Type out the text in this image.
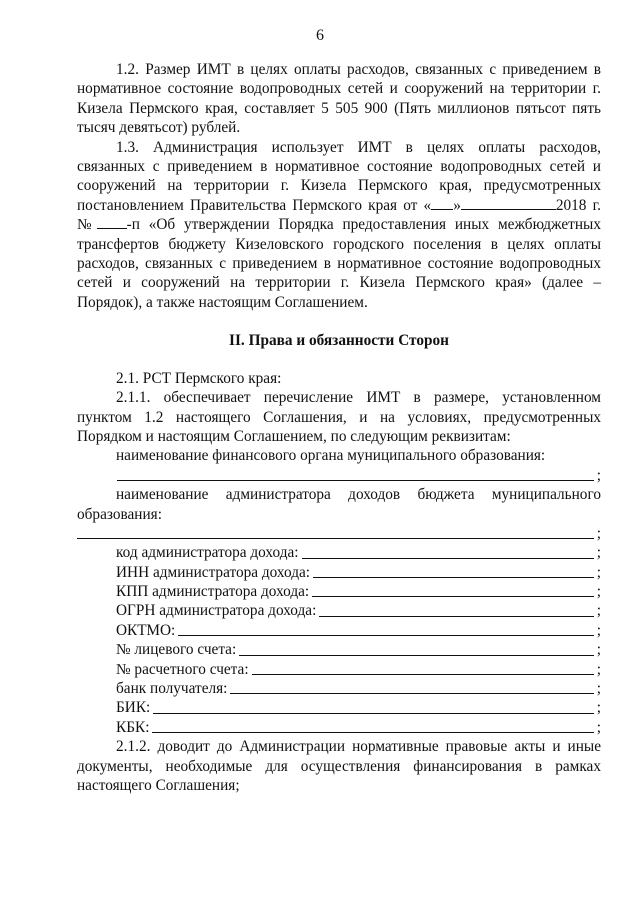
6

1.2. Размер ИМТ в целях оплаты расходов, связанных с приведением в нормативное состояние водопроводных сетей и сооружений на территории г. Кизела Пермского края, составляет 5 505 900 (Пять миллионов пятьсот пять тысяч девятьсот) рублей.

1.3. Администрация использует ИМТ в целях оплаты расходов, связанных с приведением в нормативное состояние водопроводных сетей и сооружений на территории г. Кизела Пермского края, предусмотренных постановлением Правительства Пермского края от « »	2018 г. № -п «Об утверждении Порядка предоставления иных межбюджетных трансфертов бюджету Кизеловского городского поселения в целях оплаты расходов, связанных с приведением в нормативное состояние водопроводных сетей и сооружений на территории г. Кизела Пермского края» (далее – Порядок), а также настоящим Соглашением.

II. Права и обязанности Сторон

2.1. РСТ Пермского края:

2.1.1. обеспечивает перечисление ИМТ в размере, установленном пунктом 1.2 настоящего Соглашения, и на условиях, предусмотренных Порядком и настоящим Соглашением, по следующим реквизитам:

наименование финансового органа муниципального образования:

;

наименование администратора доходов бюджета муниципального образования:

;
код администратора дохода:	;
ИНН администратора дохода:	;
КПП администратора дохода:	;
ОГРН администратора дохода:	;
ОКТМО:	;
№ лицевого счета:	;
№ расчетного счета:	;
банк получателя:	;
БИК:	;
КБК:	;

2.1.2. доводит до Администрации нормативные правовые акты и иные документы, необходимые для осуществления финансирования в рамках настоящего Соглашения;
